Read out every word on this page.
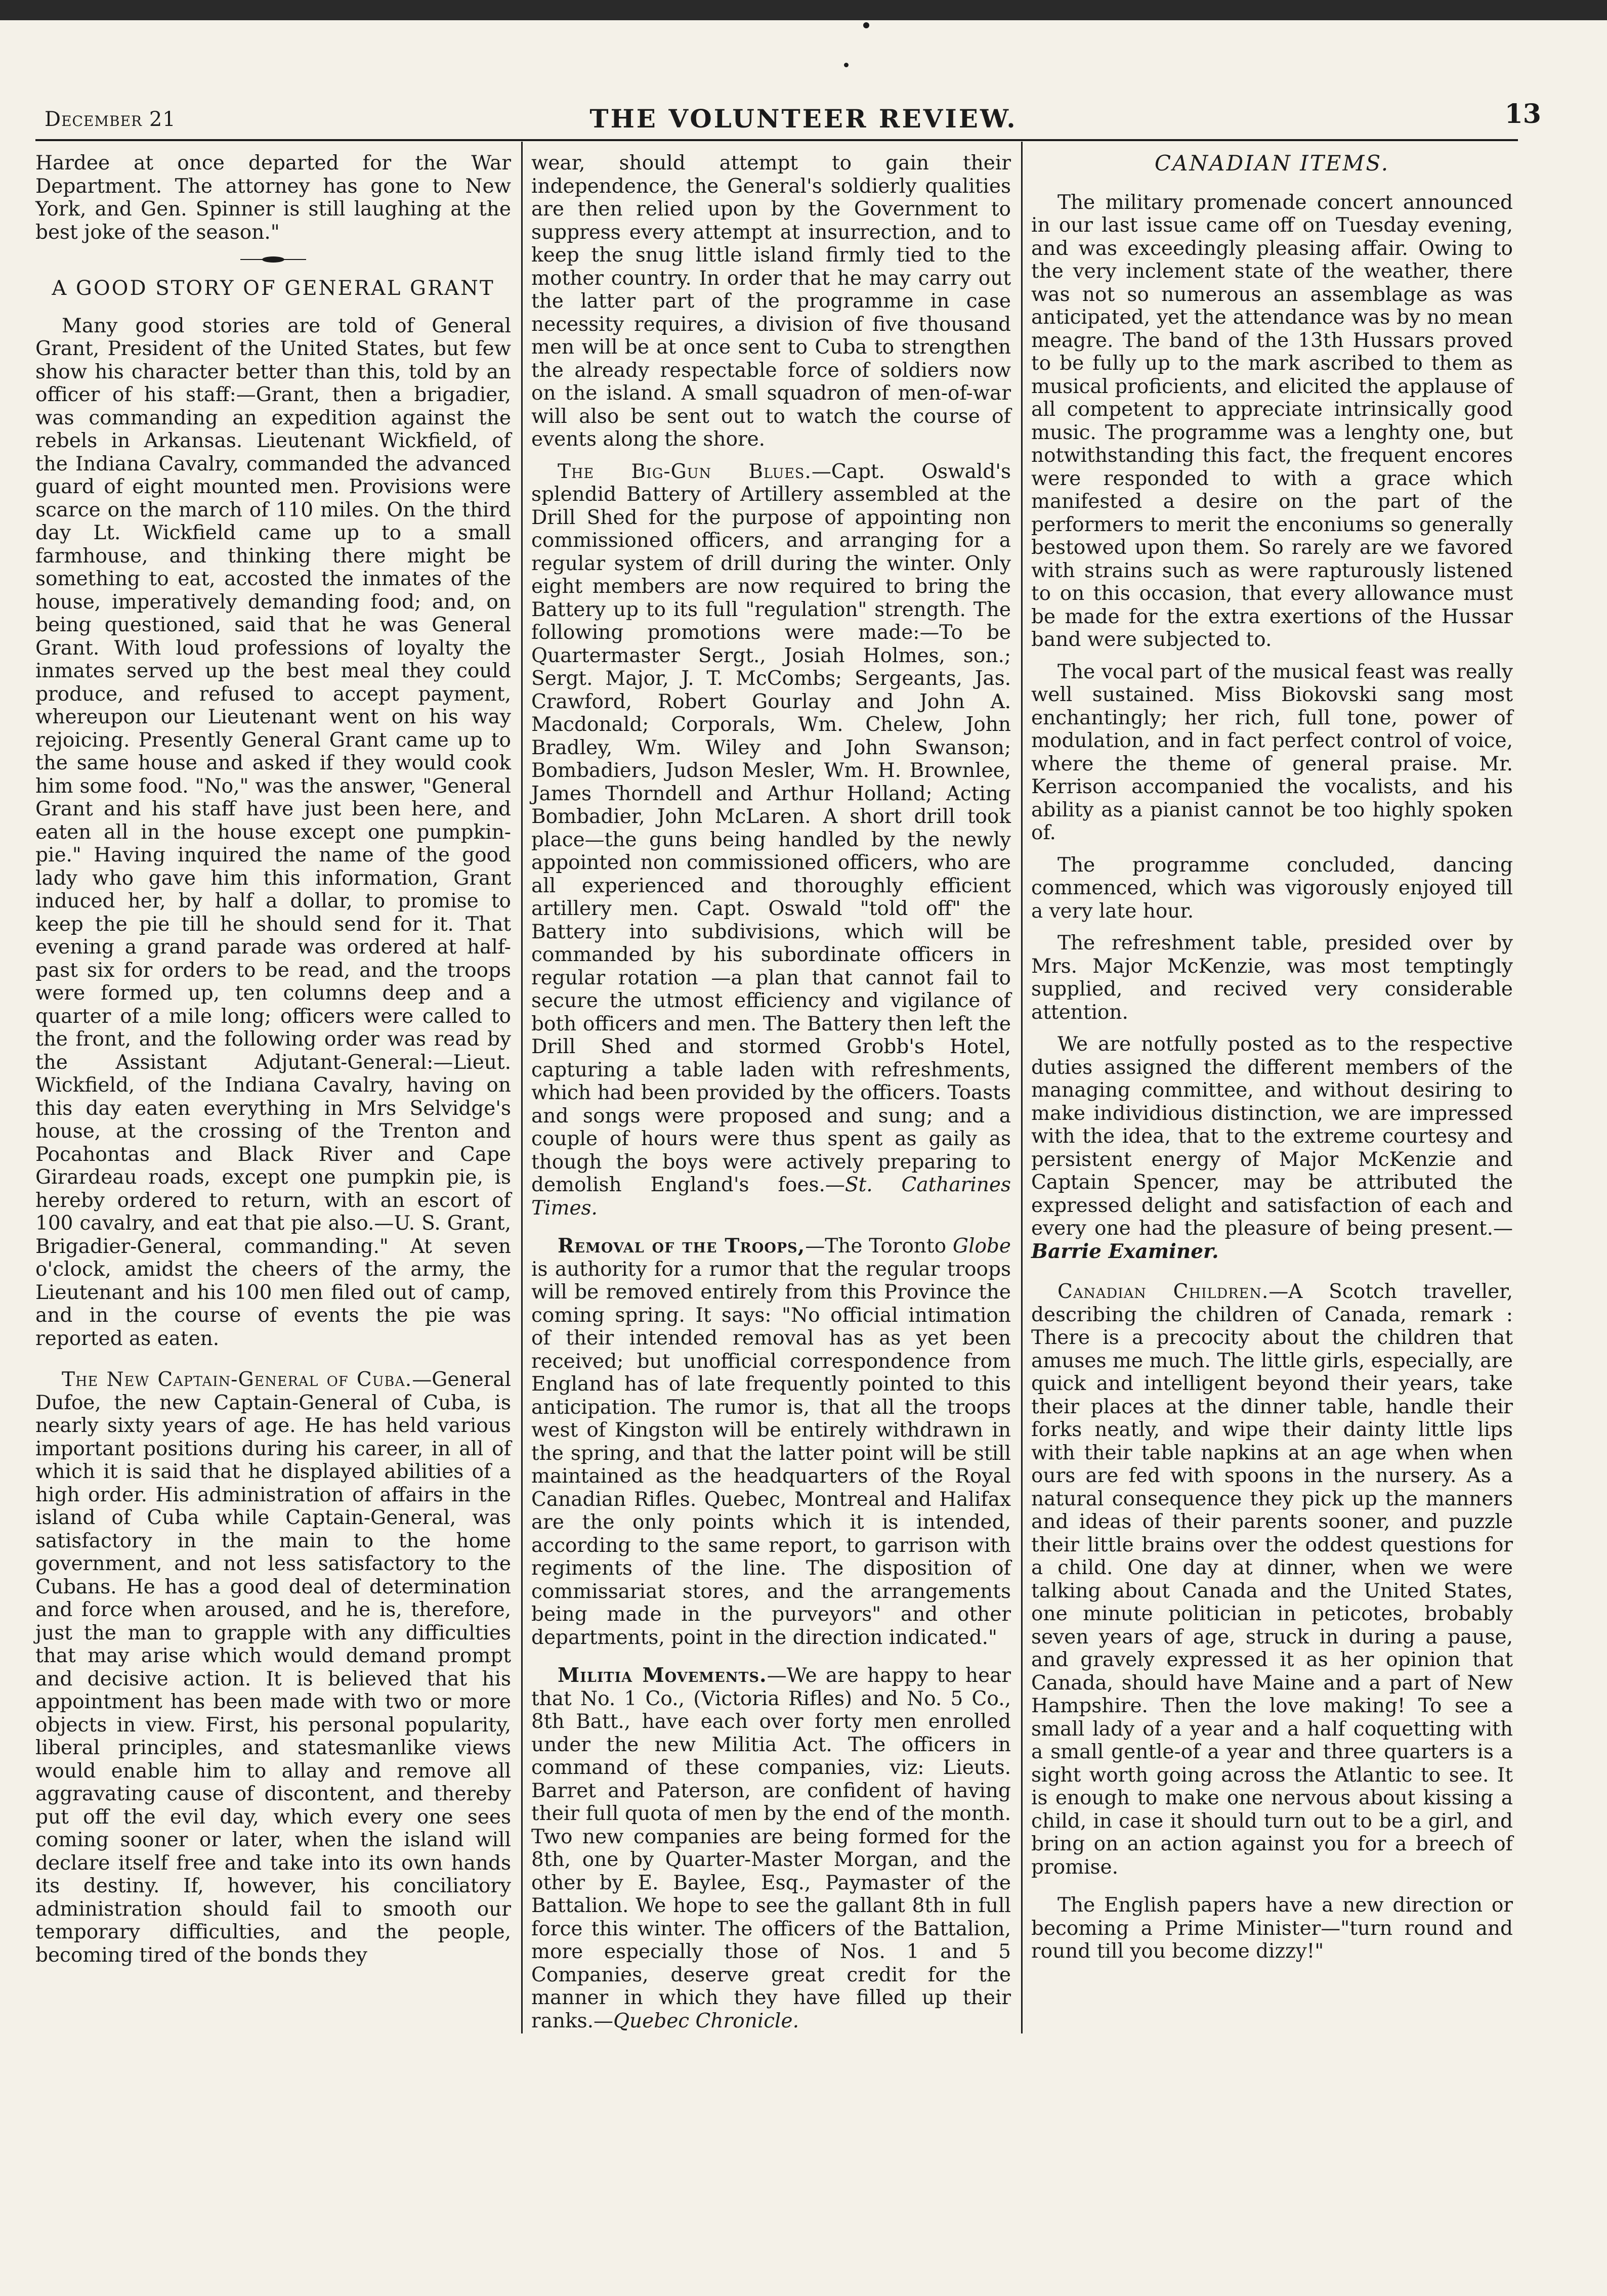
December 21	THE VOLUNTEER REVIEW.	13

Hardee at once departed for the War Department. The attorney has gone to New York, and Gen. Spinner is still laughing at the best joke of the season."

A GOOD STORY OF GENERAL GRANT

Many good stories are told of General Grant, President of the United States, but few show his character better than this, told by an officer of his staff:—Grant, then a brigadier, was commanding an expedition against the rebels in Arkansas. Lieutenant Wickfield, of the Indiana Cavalry, commanded the advanced guard of eight mounted men. Provisions were scarce on the march of 110 miles. On the third day Lt. Wickfield came up to a small farmhouse, and thinking there might be something to eat, accosted the inmates of the house, imperatively demanding food; and, on being questioned, said that he was General Grant. With loud professions of loyalty the inmates served up the best meal they could produce, and refused to accept payment, whereupon our Lieutenant went on his way rejoicing. Presently General Grant came up to the same house and asked if they would cook him some food. "No," was the answer, "General Grant and his staff have just been here, and eaten all in the house except one pumpkin-pie." Having inquired the name of the good lady who gave him this information, Grant induced her, by half a dollar, to promise to keep the pie till he should send for it. That evening a grand parade was ordered at half-past six for orders to be read, and the troops were formed up, ten columns deep and a quarter of a mile long; officers were called to the front, and the following order was read by the Assistant Adjutant-General:—Lieut. Wickfield, of the Indiana Cavalry, having on this day eaten everything in Mrs Selvidge's house, at the crossing of the Trenton and Pocahontas and Black River and Cape Girardeau roads, except one pumpkin pie, is hereby ordered to return, with an escort of 100 cavalry, and eat that pie also.—U. S. Grant, Brigadier-General, commanding." At seven o'clock, amidst the cheers of the army, the Lieutenant and his 100 men filed out of camp, and in the course of events the pie was reported as eaten.

The New Captain-General of Cuba.—General Dufoe, the new Captain-General of Cuba, is nearly sixty years of age. He has held various important positions during his career, in all of which it is said that he displayed abilities of a high order. His administration of affairs in the island of Cuba while Captain-General, was satisfactory in the main to the home government, and not less satisfactory to the Cubans. He has a good deal of determination and force when aroused, and he is, therefore, just the man to grapple with any difficulties that may arise which would demand prompt and decisive action. It is believed that his appointment has been made with two or more objects in view. First, his personal popularity, liberal principles, and statesmanlike views would enable him to allay and remove all aggravating cause of discontent, and thereby put off the evil day, which every one sees coming sooner or later, when the island will declare itself free and take into its own hands its destiny. If, however, his conciliatory administration should fail to smooth our temporary difficulties, and the people, becoming tired of the bonds they

wear, should attempt to gain their independence, the General's soldierly qualities are then relied upon by the Government to suppress every attempt at insurrection, and to keep the snug little island firmly tied to the mother country. In order that he may carry out the latter part of the programme in case necessity requires, a division of five thousand men will be at once sent to Cuba to strengthen the already respectable force of soldiers now on the island. A small squadron of men-of-war will also be sent out to watch the course of events along the shore.

The Big-Gun Blues.—Capt. Oswald's splendid Battery of Artillery assembled at the Drill Shed for the purpose of appointing non commissioned officers, and arranging for a regular system of drill during the winter. Only eight members are now required to bring the Battery up to its full "regulation" strength. The following promotions were made:—To be Quartermaster Sergt., Josiah Holmes, son.; Sergt. Major, J. T. McCombs; Sergeants, Jas. Crawford, Robert Gourlay and John A. Macdonald; Corporals, Wm. Chelew, John Bradley, Wm. Wiley and John Swanson; Bombadiers, Judson Mesler, Wm. H. Brownlee, James Thorndell and Arthur Holland; Acting Bombadier, John McLaren. A short drill took place—the guns being handled by the newly appointed non commissioned officers, who are all experienced and thoroughly efficient artillery men. Capt. Oswald "told off" the Battery into subdivisions, which will be commanded by his subordinate officers in regular rotation —a plan that cannot fail to secure the utmost efficiency and vigilance of both officers and men. The Battery then left the Drill Shed and stormed Grobb's Hotel, capturing a table laden with refreshments, which had been provided by the officers. Toasts and songs were proposed and sung; and a couple of hours were thus spent as gaily as though the boys were actively preparing to demolish England's foes.—St. Catharines Times.

Removal of the Troops,—The Toronto Globe is authority for a rumor that the regular troops will be removed entirely from this Province the coming spring. It says: "No official intimation of their intended removal has as yet been received; but unofficial correspondence from England has of late frequently pointed to this anticipation. The rumor is, that all the troops west of Kingston will be entirely withdrawn in the spring, and that the latter point will be still maintained as the headquarters of the Royal Canadian Rifles. Quebec, Montreal and Halifax are the only points which it is intended, according to the same report, to garrison with regiments of the line. The disposition of commissariat stores, and the arrangements being made in the purveyors" and other departments, point in the direction indicated."

Militia Movements.—We are happy to hear that No. 1 Co., (Victoria Rifles) and No. 5 Co., 8th Batt., have each over forty men enrolled under the new Militia Act. The officers in command of these companies, viz: Lieuts. Barret and Paterson, are confident of having their full quota of men by the end of the month. Two new companies are being formed for the 8th, one by Quarter-Master Morgan, and the other by E. Baylee, Esq., Paymaster of the Battalion. We hope to see the gallant 8th in full force this winter. The officers of the Battalion, more especially those of Nos. 1 and 5 Companies, deserve great credit for the manner in which they have filled up their ranks.—Quebec Chronicle.

CANADIAN ITEMS.

The military promenade concert announced in our last issue came off on Tuesday evening, and was exceedingly pleasing affair. Owing to the very inclement state of the weather, there was not so numerous an assemblage as was anticipated, yet the attendance was by no mean meagre. The band of the 13th Hussars proved to be fully up to the mark ascribed to them as musical proficients, and elicited the applause of all competent to appreciate intrinsically good music. The programme was a lenghty one, but notwithstanding this fact, the frequent encores were responded to with a grace which manifested a desire on the part of the performers to merit the enconiums so generally bestowed upon them. So rarely are we favored with strains such as were rapturously listened to on this occasion, that every allowance must be made for the extra exertions of the Hussar band were subjected to.

The vocal part of the musical feast was really well sustained. Miss Biokovski sang most enchantingly; her rich, full tone, power of modulation, and in fact perfect control of voice, where the theme of general praise. Mr. Kerrison accompanied the vocalists, and his ability as a pianist cannot be too highly spoken of.

The programme concluded, dancing commenced, which was vigorously enjoyed till a very late hour.

The refreshment table, presided over by Mrs. Major McKenzie, was most temptingly supplied, and recived very considerable attention.

We are notfully posted as to the respective duties assigned the different members of the managing committee, and without desiring to make individious distinction, we are impressed with the idea, that to the extreme courtesy and persistent energy of Major McKenzie and Captain Spencer, may be attributed the expressed delight and satisfaction of each and every one had the pleasure of being present.—Barrie Examiner.

Canadian Children.—A Scotch traveller, describing the children of Canada, remark : There is a precocity about the children that amuses me much. The little girls, especially, are quick and intelligent beyond their years, take their places at the dinner table, handle their forks neatly, and wipe their dainty little lips with their table napkins at an age when when ours are fed with spoons in the nursery. As a natural consequence they pick up the manners and ideas of their parents sooner, and puzzle their little brains over the oddest questions for a child. One day at dinner, when we were talking about Canada and the United States, one minute politician in peticotes, brobably seven years of age, struck in during a pause, and gravely expressed it as her opinion that Canada, should have Maine and a part of New Hampshire. Then the love making! To see a small lady of a year and a half coquetting with a small gentle-of a year and three quarters is a sight worth going across the Atlantic to see. It is enough to make one nervous about kissing a child, in case it should turn out to be a girl, and bring on an action against you for a breech of promise.

The English papers have a new direction or becoming a Prime Minister—"turn round and round till you become dizzy!"
